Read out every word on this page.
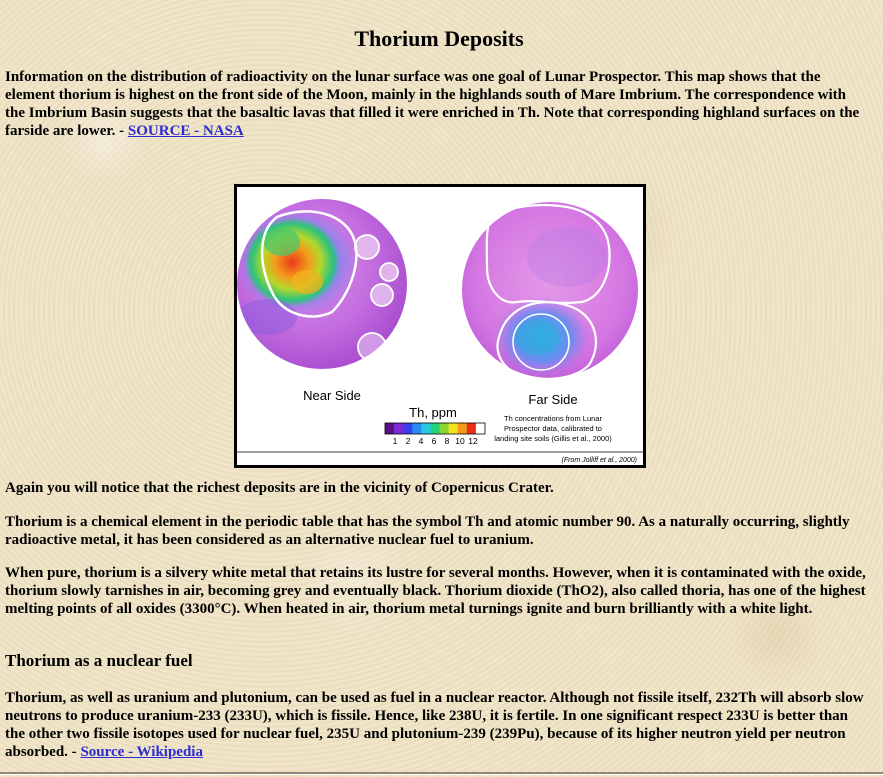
Thorium Deposits

Information on the distribution of radioactivity on the lunar surface was one goal of Lunar Prospector. This map shows that the element thorium is highest on the front side of the Moon, mainly in the highlands south of Mare Imbrium. The correspondence with the Imbrium Basin suggests that the basaltic lavas that filled it were enriched in Th. Note that corresponding highland surfaces on the farside are lower. - SOURCE - NASA

Near Side	Far Side
Th, ppm
1 2 4 6 8 10 12
Th concentrations from Lunar
Prospector data, calibrated to
landing site soils (Gillis et al., 2000)
(From Jolliff et al., 2000)

Again you will notice that the richest deposits are in the vicinity of Copernicus Crater.

Thorium is a chemical element in the periodic table that has the symbol Th and atomic number 90. As a naturally occurring, slightly radioactive metal, it has been considered as an alternative nuclear fuel to uranium.

When pure, thorium is a silvery white metal that retains its lustre for several months. However, when it is contaminated with the oxide, thorium slowly tarnishes in air, becoming grey and eventually black. Thorium dioxide (ThO2), also called thoria, has one of the highest melting points of all oxides (3300°C). When heated in air, thorium metal turnings ignite and burn brilliantly with a white light.

Thorium as a nuclear fuel

Thorium, as well as uranium and plutonium, can be used as fuel in a nuclear reactor. Although not fissile itself, 232Th will absorb slow neutrons to produce uranium-233 (233U), which is fissile. Hence, like 238U, it is fertile. In one significant respect 233U is better than the other two fissile isotopes used for nuclear fuel, 235U and plutonium-239 (239Pu), because of its higher neutron yield per neutron absorbed. - Source - Wikipedia
